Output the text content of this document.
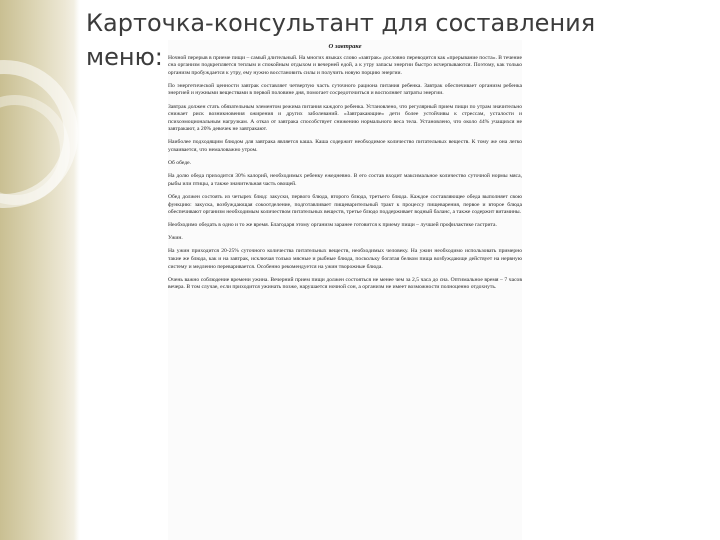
Карточка-консультант для составления меню:	О завтраке

Ночной перерыв в приеме пищи – самый длительный. На многих языках слово «завтрак» дословно переводится как «прерывание поста». В течение сна организм подкрепляется теплым и спокойным отдыхом и вечерней едой, а к утру запасы энергии быстро исчерпываются. Поэтому, как только организм пробуждается к утру, ему нужно восстановить силы и получить новую порцию энергии.

По энергетической ценности завтрак составляет четвертую часть суточного рациона питания ребенка. Завтрак обеспечивает организм ребенка энергией и нужными веществами в первой половине дня, помогает сосредоточиться и восполняет затраты энергии.

Завтрак должен стать обязательным элементом режима питания каждого ребенка. Установлено, что регулярный прием пищи по утрам значительно снижает риск возникновения ожирения и других заболеваний. «Завтракающие» дети более устойчивы к стрессам, усталости и психоэмоциональным нагрузкам. А отказ от завтрака способствует снижению нормального веса тела. Установлено, что около 44% учащихся не завтракают, а 20% девочек не завтракают.

Наиболее подходящим блюдом для завтрака является каша. Каша содержит необходимое количество питательных веществ. К тому же она легко усваивается, что немаловажно утром.

Об обеде.

На долю обеда приходится 30% калорий, необходимых ребенку ежедневно. В его состав входит максимальное количество суточной нормы мяса, рыбы или птицы, а также значительная часть овощей.

Обед должен состоять из четырех блюд: закуски, первого блюда, второго блюда, третьего блюда. Каждое составляющее обеда выполняет свою функцию: закуска, возбуждающая сокоотделение, подготавливает пищеварительный тракт к процессу пищеварения, первое и второе блюда обеспечивают организм необходимым количеством питательных веществ, третье блюдо поддерживает водный баланс, а также содержит витамины.

Необходимо обедать в одно и то же время. Благодаря этому организм заранее готовится к приему пищи – лучшей профилактике гастрита.

Ужин.

На ужин приходится 20-25% суточного количества питательных веществ, необходимых человеку. На ужин необходимо использовать примерно такие же блюда, как и на завтрак, исключая только мясные и рыбные блюда, поскольку богатая белком пища возбуждающе действует на нервную систему и медленно переваривается. Особенно рекомендуется на ужин творожные блюда.

Очень важно соблюдение времени ужина. Вечерний прием пищи должен состояться не менее чем за 2,5 часа до сна. Оптимальное время – 7 часов вечера. В том случае, если приходится ужинать позже, нарушается ночной сон, а организм не имеет возможности полноценно отдохнуть.
